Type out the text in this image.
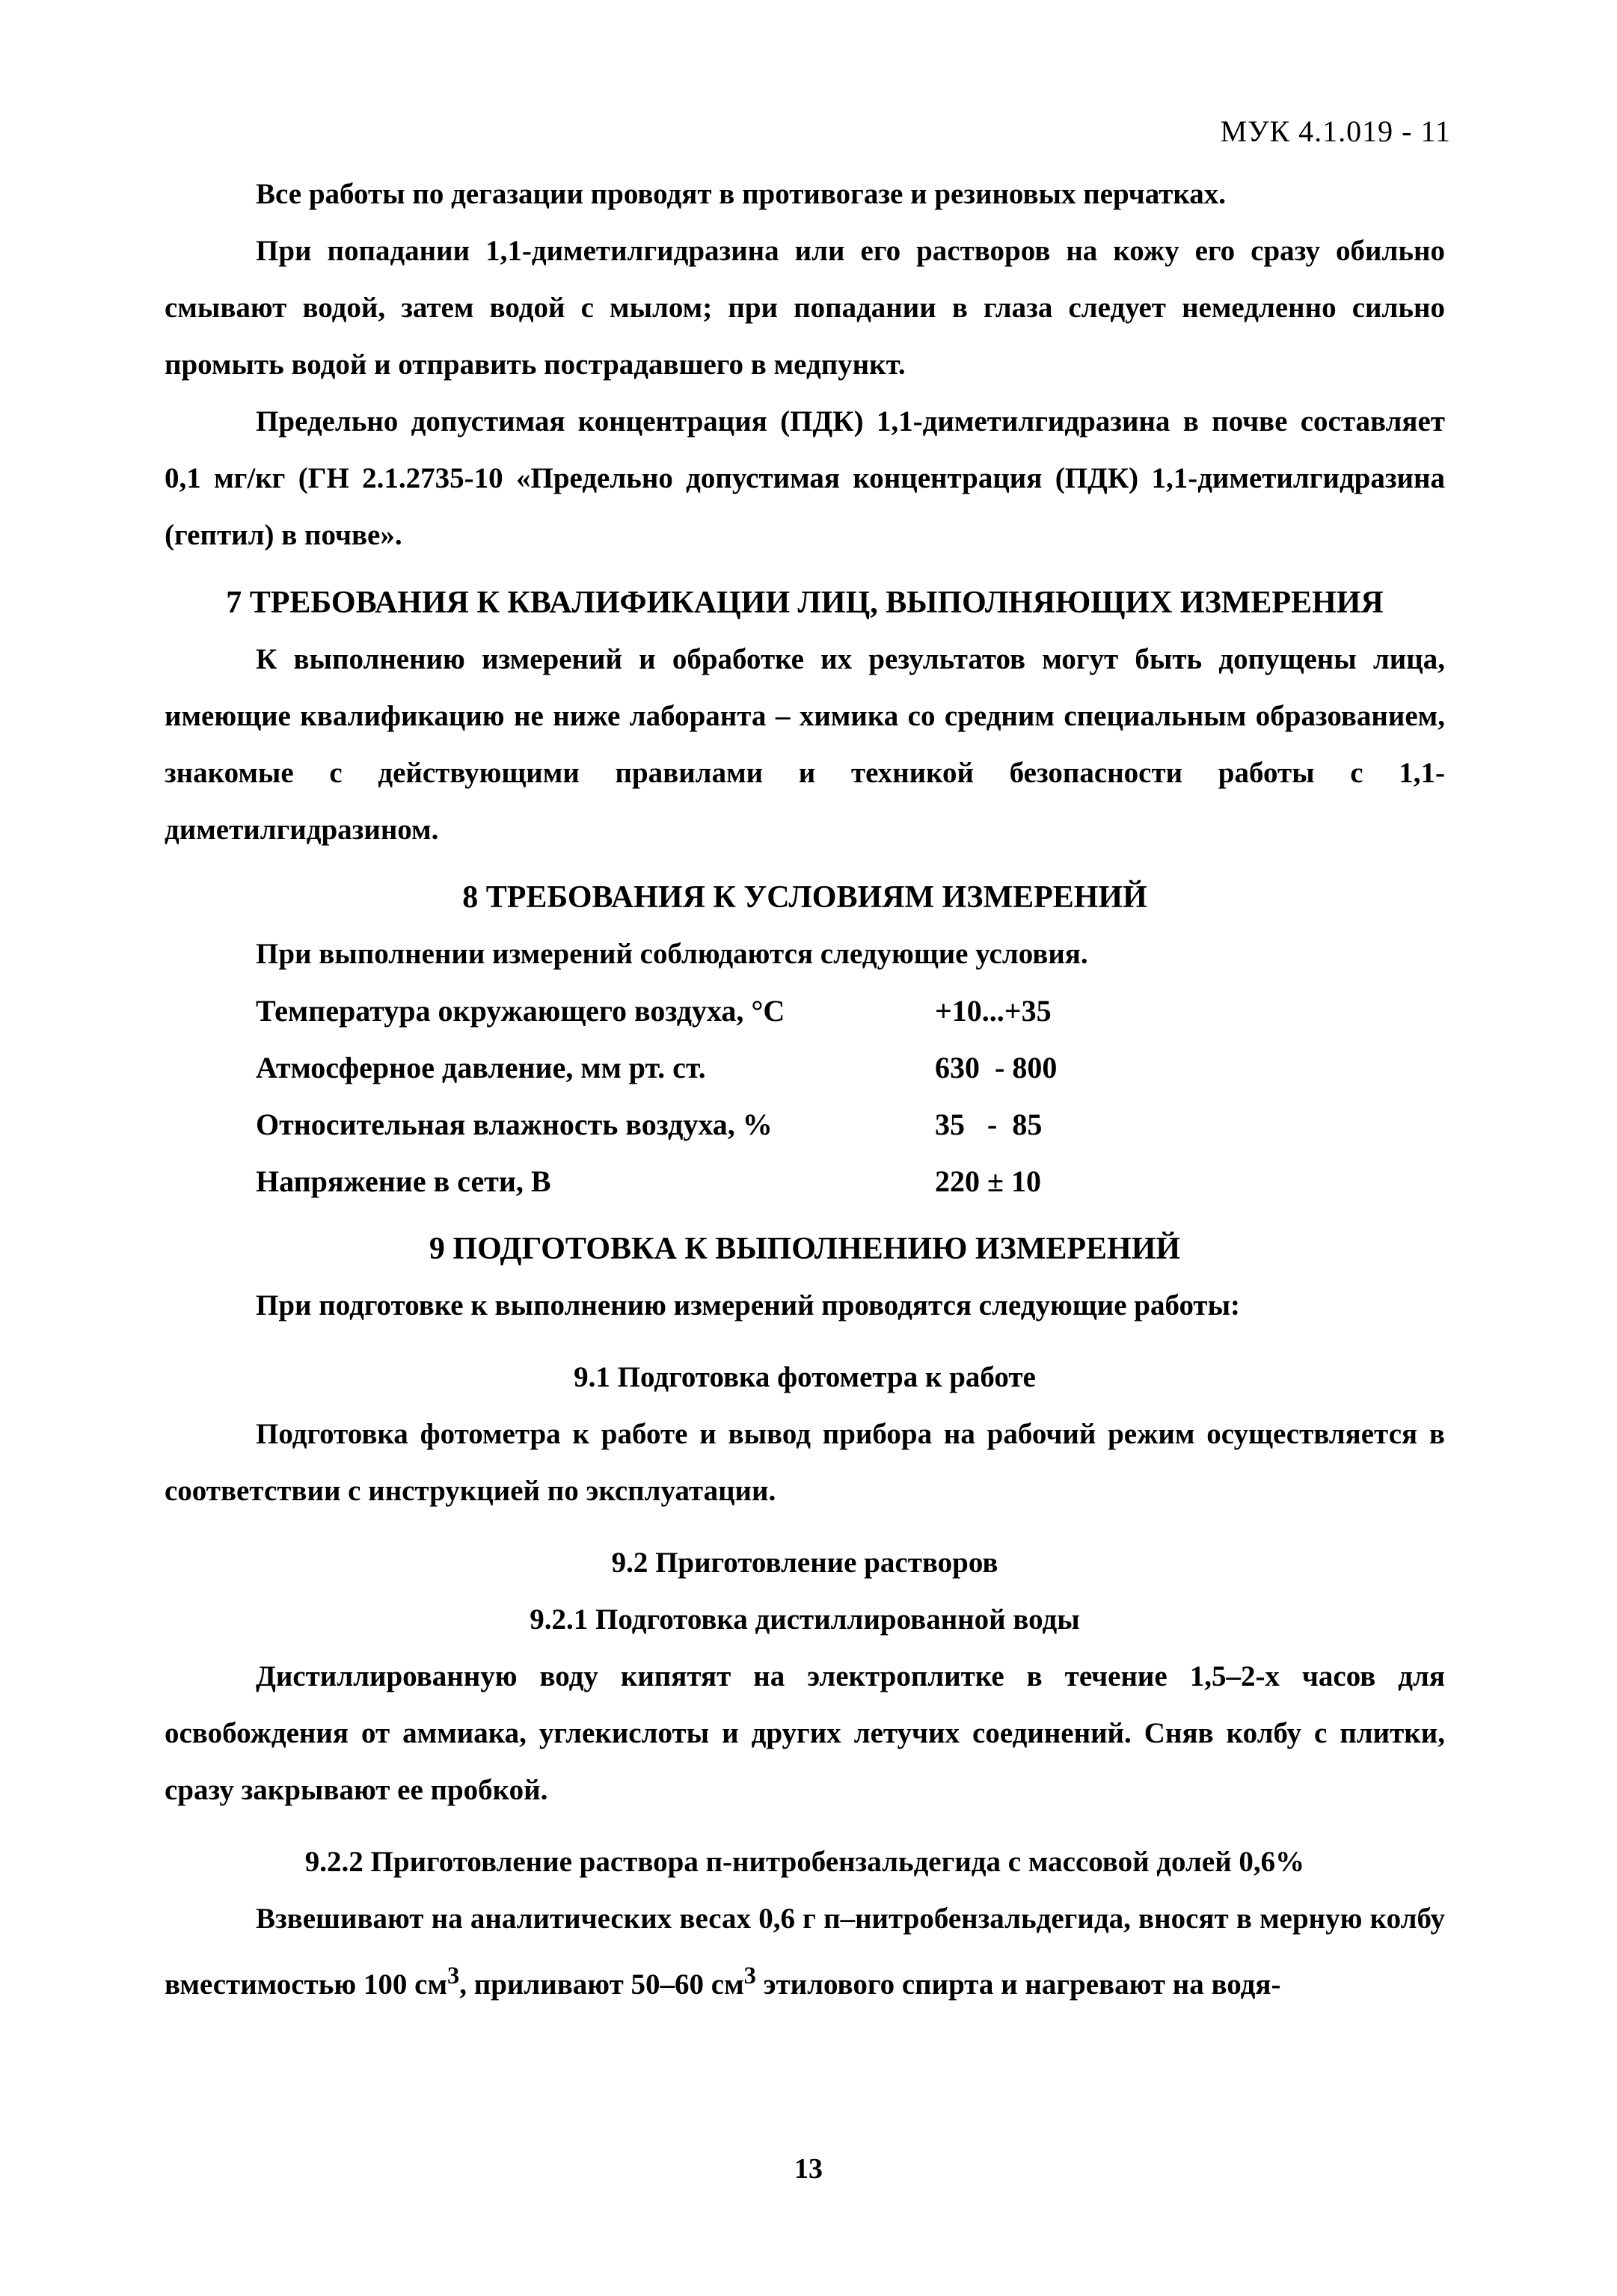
МУК 4.1.019 - 11

Все работы по дегазации проводят в противогазе и резиновых перчатках.

При попадании 1,1-диметилгидразина или его растворов на кожу его сразу обильно смывают водой, затем водой с мылом; при попадании в глаза следует немедленно сильно промыть водой и отправить пострадавшего в медпункт.

Предельно допустимая концентрация (ПДК) 1,1-диметилгидразина в почве составляет 0,1 мг/кг (ГН 2.1.2735-10 «Предельно допустимая концентрация (ПДК) 1,1-диметилгидразина (гептил) в почве».

7 ТРЕБОВАНИЯ К КВАЛИФИКАЦИИ ЛИЦ, ВЫПОЛНЯЮЩИХ ИЗМЕРЕНИЯ

К выполнению измерений и обработке их результатов могут быть допущены лица, имеющие квалификацию не ниже лаборанта – химика со средним специальным образованием, знакомые с действующими правилами и техникой безопасности работы с 1,1-диметилгидразином.

8 ТРЕБОВАНИЯ К УСЛОВИЯМ ИЗМЕРЕНИЙ

При выполнении измерений соблюдаются следующие условия.

Температура окружающего воздуха, °С	+10...+35
Атмосферное давление, мм рт. ст.	630  - 800
Относительная влажность воздуха, %	35   -  85
Напряжение в сети, В	220 ± 10
9 ПОДГОТОВКА К ВЫПОЛНЕНИЮ ИЗМЕРЕНИЙ

При подготовке к выполнению измерений проводятся следующие работы:

9.1 Подготовка фотометра к работе

Подготовка фотометра к работе и вывод прибора на рабочий режим осуществляется в соответствии с инструкцией по эксплуатации.

9.2 Приготовление растворов
9.2.1 Подготовка дистиллированной воды

Дистиллированную воду кипятят на электроплитке в течение 1,5–2-х часов для освобождения от аммиака, углекислоты и других летучих соединений. Сняв колбу с плитки, сразу закрывают ее пробкой.

9.2.2 Приготовление раствора п-нитробензальдегида с массовой долей 0,6%

Взвешивают на аналитических весах 0,6 г п–нитробензальдегида, вносят в мерную колбу вместимостью 100 $см^3$, приливают 50–60 $см^3$ этилового спирта и нагревают на водя-

13
